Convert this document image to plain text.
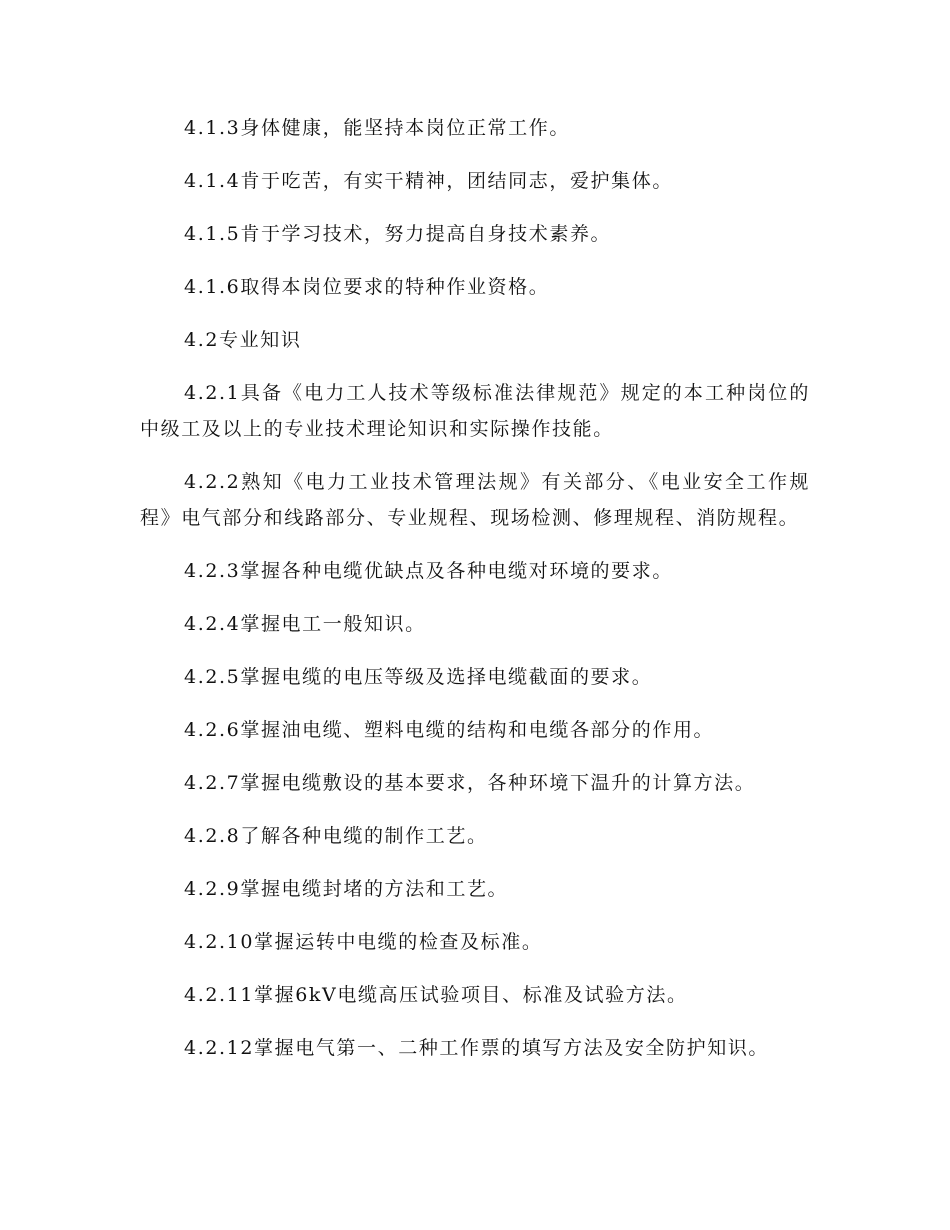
4.1.3身体健康，能坚持本岗位正常工作。

4.1.4肯于吃苦，有实干精神，团结同志，爱护集体。

4.1.5肯于学习技术，努力提高自身技术素养。

4.1.6取得本岗位要求的特种作业资格。

4.2专业知识

4.2.1具备《电力工人技术等级标准法律规范》规定的本工种岗位的中级工及以上的专业技术理论知识和实际操作技能。

4.2.2熟知《电力工业技术管理法规》有关部分、《电业安全工作规程》电气部分和线路部分、专业规程、现场检测、修理规程、消防规程。

4.2.3掌握各种电缆优缺点及各种电缆对环境的要求。

4.2.4掌握电工一般知识。

4.2.5掌握电缆的电压等级及选择电缆截面的要求。

4.2.6掌握油电缆、塑料电缆的结构和电缆各部分的作用。

4.2.7掌握电缆敷设的基本要求，各种环境下温升的计算方法。

4.2.8了解各种电缆的制作工艺。

4.2.9掌握电缆封堵的方法和工艺。

4.2.10掌握运转中电缆的检查及标准。

4.2.11掌握6kV电缆高压试验项目、标准及试验方法。

4.2.12掌握电气第一、二种工作票的填写方法及安全防护知识。
